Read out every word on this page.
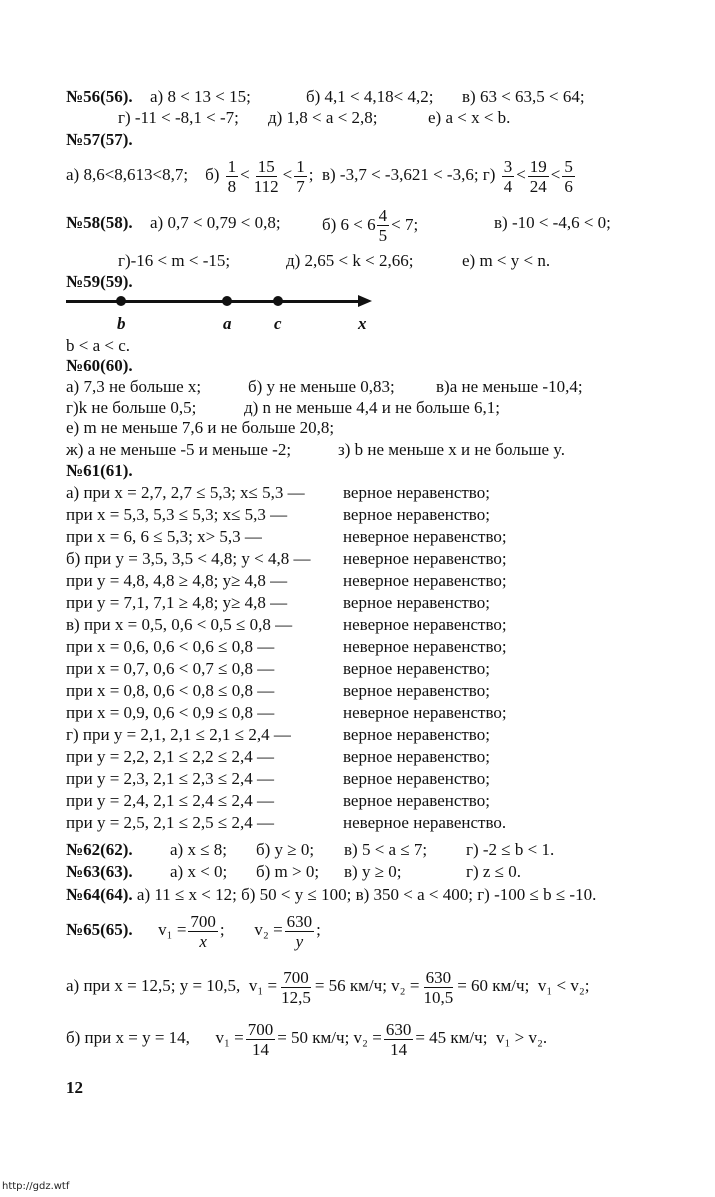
№56(56). а) 8 < 13 < 15;	б) 4,1 < 4,18< 4,2; в) 63 < 63,5 < 64;
г) -11 < -8,1 < -7; д) 1,8 < a < 2,8;	е) a < x < b.
№57(57).
а) 8,6<8,613<8,7; $б) \frac{1}{8} < \frac{15}{112} < \frac{1}{7}$ ; в) -3,7 < -3,621 < -3,6; $г) \frac{3}{4} < \frac{19}{24} < \frac{5}{6}$
№58(58). а) 0,7 < 0,79 < 0,8; б) $6 < 6 \frac{4}{5} < 7$;	в) -10 < -4,6 < 0;
г)-16 < m < -15;	д) 2,65 < k < 2,66;	е) m < y < n.
№59(59).
b	a	c	x
b < a < c.
№60(60).
а) 7,3 не больше x;	б) y не меньше 0,83; в)a не меньше -10,4;
г)k не больше 0,5;	д) n не меньше 4,4 и не больше 6,1;
е) m не меньше 7,6 и не больше 20,8;
ж) a не меньше -5 и меньше -2;	з) b не меньше x и не больше y.
№61(61).
а) при x = 2,7, 2,7 ≤ 5,3; x≤ 5,3 — верное неравенство;
при x = 5,3, 5,3 ≤ 5,3; x≤ 5,3 —	верное неравенство;
при x = 6, 6 ≤ 5,3; x> 5,3 —	неверное неравенство;
б) при y = 3,5, 3,5 < 4,8; y < 4,8 — неверное неравенство;
при y = 4,8, 4,8 ≥ 4,8; y≥ 4,8 —	неверное неравенство;
при y = 7,1, 7,1 ≥ 4,8; y≥ 4,8 —	верное неравенство;
в) при x = 0,5, 0,6 < 0,5 ≤ 0,8 —	неверное неравенство;
при x = 0,6, 0,6 < 0,6 ≤ 0,8 —	неверное неравенство;
при x = 0,7, 0,6 < 0,7 ≤ 0,8 —	верное неравенство;
при x = 0,8, 0,6 < 0,8 ≤ 0,8 —	верное неравенство;
при x = 0,9, 0,6 < 0,9 ≤ 0,8 —	неверное неравенство;
г) при y = 2,1, 2,1 ≤ 2,1 ≤ 2,4 —	верное неравенство;
при y = 2,2, 2,1 ≤ 2,2 ≤ 2,4 —	верное неравенство;
при y = 2,3, 2,1 ≤ 2,3 ≤ 2,4 —	верное неравенство;
при y = 2,4, 2,1 ≤ 2,4 ≤ 2,4 —	верное неравенство;
при y = 2,5, 2,1 ≤ 2,5 ≤ 2,4 —	неверное неравенство.
№62(62). а) x ≤ 8; б) y ≥ 0; в) 5 < a ≤ 7; г) -2 ≤ b < 1.
№63(63). а) x < 0; б) m > 0; в) y ≥ 0;	г) z ≤ 0.
№64(64). а) 11 ≤ x < 12; б) 50 < y ≤ 100; в) 350 < a < 400; г) -100 ≤ b ≤ -10.
№65(65). $v_1 = \frac{700}{x}$ ; $v_2 = \frac{630}{y}$ ;
а) при x = 12,5; y = 10,5, $v_1 = \frac{700}{12,5} = 56$ км/ч; $v_2 = \frac{630}{10,5} = 60$ км/ч; v₁ < v₂;
б) при x = y = 14, $v_1 = \frac{700}{14} = 50$ км/ч; $v_2 = \frac{630}{14} = 45$ км/ч; v₁ > v₂.
12
http://gdz.wtf
